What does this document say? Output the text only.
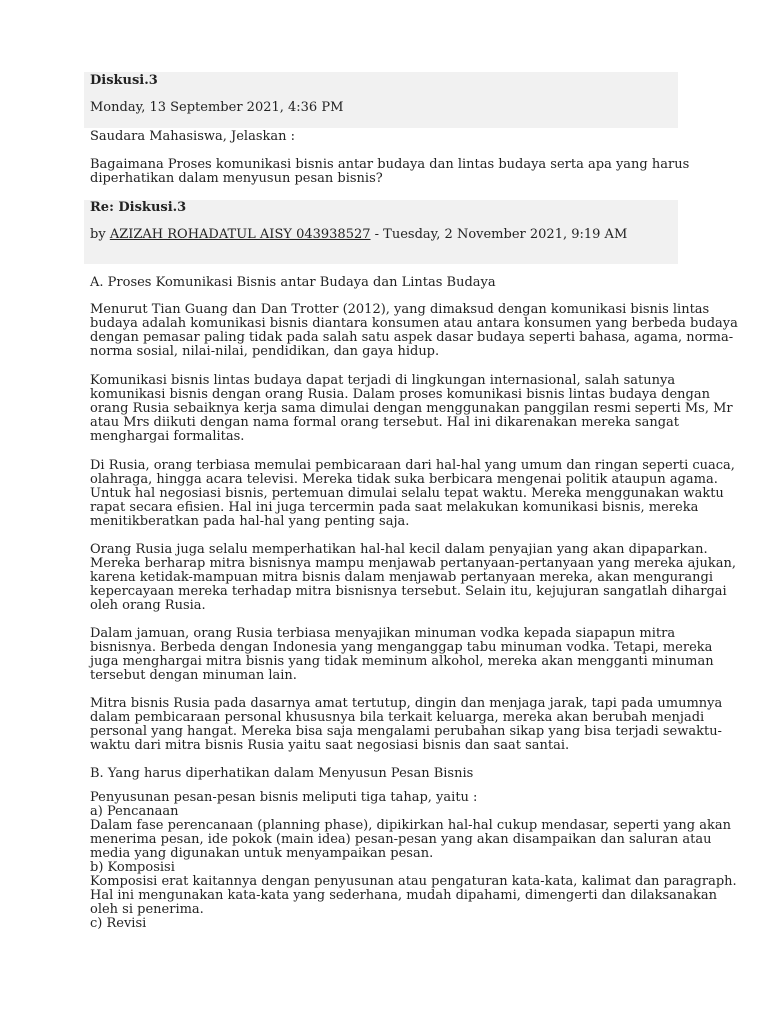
Diskusi.3
Monday, 13 September 2021, 4:36 PM
Saudara Mahasiswa, Jelaskan :
Bagaimana Proses komunikasi bisnis antar budaya dan lintas budaya serta apa yang harus
diperhatikan dalam menyusun pesan bisnis?
Re: Diskusi.3
by AZIZAH ROHADATUL AISY 043938527 - Tuesday, 2 November 2021, 9:19 AM
A. Proses Komunikasi Bisnis antar Budaya dan Lintas Budaya
Menurut Tian Guang dan Dan Trotter (2012), yang dimaksud dengan komunikasi bisnis lintas
budaya adalah komunikasi bisnis diantara konsumen atau antara konsumen yang berbeda budaya
dengan pemasar paling tidak pada salah satu aspek dasar budaya seperti bahasa, agama, norma-
norma sosial, nilai-nilai, pendidikan, dan gaya hidup.
Komunikasi bisnis lintas budaya dapat terjadi di lingkungan internasional, salah satunya
komunikasi bisnis dengan orang Rusia. Dalam proses komunikasi bisnis lintas budaya dengan
orang Rusia sebaiknya kerja sama dimulai dengan menggunakan panggilan resmi seperti Ms, Mr
atau Mrs diikuti dengan nama formal orang tersebut. Hal ini dikarenakan mereka sangat
menghargai formalitas.
Di Rusia, orang terbiasa memulai pembicaraan dari hal-hal yang umum dan ringan seperti cuaca,
olahraga, hingga acara televisi. Mereka tidak suka berbicara mengenai politik ataupun agama.
Untuk hal negosiasi bisnis, pertemuan dimulai selalu tepat waktu. Mereka menggunakan waktu
rapat secara efisien. Hal ini juga tercermin pada saat melakukan komunikasi bisnis, mereka
menitikberatkan pada hal-hal yang penting saja.
Orang Rusia juga selalu memperhatikan hal-hal kecil dalam penyajian yang akan dipaparkan.
Mereka berharap mitra bisnisnya mampu menjawab pertanyaan-pertanyaan yang mereka ajukan,
karena ketidak-mampuan mitra bisnis dalam menjawab pertanyaan mereka, akan mengurangi
kepercayaan mereka terhadap mitra bisnisnya tersebut. Selain itu, kejujuran sangatlah dihargai
oleh orang Rusia.
Dalam jamuan, orang Rusia terbiasa menyajikan minuman vodka kepada siapapun mitra
bisnisnya. Berbeda dengan Indonesia yang menganggap tabu minuman vodka. Tetapi, mereka
juga menghargai mitra bisnis yang tidak meminum alkohol, mereka akan mengganti minuman
tersebut dengan minuman lain.
Mitra bisnis Rusia pada dasarnya amat tertutup, dingin dan menjaga jarak, tapi pada umumnya
dalam pembicaraan personal khususnya bila terkait keluarga, mereka akan berubah menjadi
personal yang hangat. Mereka bisa saja mengalami perubahan sikap yang bisa terjadi sewaktu-
waktu dari mitra bisnis Rusia yaitu saat negosiasi bisnis dan saat santai.
B. Yang harus diperhatikan dalam Menyusun Pesan Bisnis
Penyusunan pesan-pesan bisnis meliputi tiga tahap, yaitu :
a) Pencanaan
Dalam fase perencanaan (planning phase), dipikirkan hal-hal cukup mendasar, seperti yang akan
menerima pesan, ide pokok (main idea) pesan-pesan yang akan disampaikan dan saluran atau
media yang digunakan untuk menyampaikan pesan.
b) Komposisi
Komposisi erat kaitannya dengan penyusunan atau pengaturan kata-kata, kalimat dan paragraph.
Hal ini mengunakan kata-kata yang sederhana, mudah dipahami, dimengerti dan dilaksanakan
oleh si penerima.
c) Revisi
